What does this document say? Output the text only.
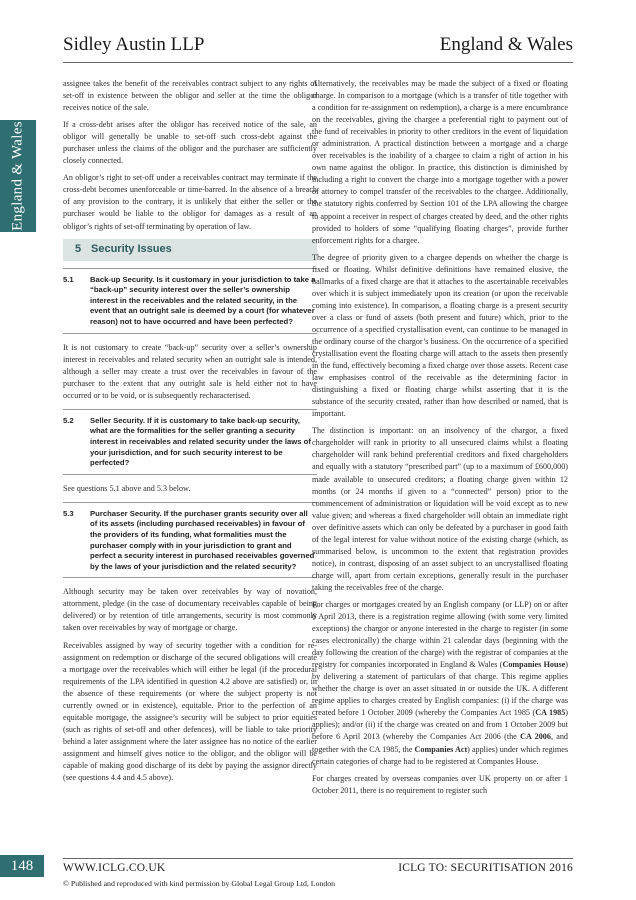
Sidley Austin LLP	England & Wales
England & Wales

assignee takes the benefit of the receivables contract subject to any rights of set-off in existence between the obligor and seller at the time the obligor receives notice of the sale.

If a cross-debt arises after the obligor has received notice of the sale, an obligor will generally be unable to set-off such cross-debt against the purchaser unless the claims of the obligor and the purchaser are sufficiently closely connected.

An obligor’s right to set-off under a receivables contract may terminate if the cross-debt becomes unenforceable or time-barred. In the absence of a breach of any provision to the contrary, it is unlikely that either the seller or the purchaser would be liable to the obligor for damages as a result of an obligor’s rights of set-off terminating by operation of law.

5 Security Issues
5.1	Back-up Security. Is it customary in your jurisdiction to take a “back-up” security interest over the seller’s ownership interest in the receivables and the related security, in the event that an outright sale is deemed by a court (for whatever reason) not to have occurred and have been perfected?

It is not customary to create “back-up” security over a seller’s ownership interest in receivables and related security when an outright sale is intended, although a seller may create a trust over the receivables in favour of the purchaser to the extent that any outright sale is held either not to have occurred or to be void, or is subsequently recharacterised.

5.2	Seller Security. If it is customary to take back-up security, what are the formalities for the seller granting a security interest in receivables and related security under the laws of your jurisdiction, and for such security interest to be perfected?

See questions 5.1 above and 5.3 below.

5.3	Purchaser Security. If the purchaser grants security over all of its assets (including purchased receivables) in favour of the providers of its funding, what formalities must the purchaser comply with in your jurisdiction to grant and perfect a security interest in purchased receivables governed by the laws of your jurisdiction and the related security?

Although security may be taken over receivables by way of novation, attornment, pledge (in the case of documentary receivables capable of being delivered) or by retention of title arrangements, security is most commonly taken over receivables by way of mortgage or charge.

Receivables assigned by way of security together with a condition for re-assignment on redemption or discharge of the secured obligations will create a mortgage over the receivables which will either be legal (if the procedural requirements of the LPA identified in question 4.2 above are satisfied) or, in the absence of these requirements (or where the subject property is not currently owned or in existence), equitable. Prior to the perfection of an equitable mortgage, the assignee’s security will be subject to prior equities (such as rights of set-off and other defences), will be liable to take priority behind a later assignment where the later assignee has no notice of the earlier assignment and himself gives notice to the obligor, and the obligor will be capable of making good discharge of its debt by paying the assignor directly (see questions 4.4 and 4.5 above).

Alternatively, the receivables may be made the subject of a fixed or floating charge. In comparison to a mortgage (which is a transfer of title together with a condition for re-assignment on redemption), a charge is a mere encumbrance on the receivables, giving the chargee a preferential right to payment out of the fund of receivables in priority to other creditors in the event of liquidation or administration. A practical distinction between a mortgage and a charge over receivables is the inability of a chargee to claim a right of action in his own name against the obligor. In practice, this distinction is diminished by including a right to convert the charge into a mortgage together with a power of attorney to compel transfer of the receivables to the chargee. Additionally, the statutory rights conferred by Section 101 of the LPA allowing the chargee to appoint a receiver in respect of charges created by deed, and the other rights provided to holders of some “qualifying floating charges”, provide further enforcement rights for a chargee.

The degree of priority given to a chargee depends on whether the charge is fixed or floating. Whilst definitive definitions have remained elusive, the hallmarks of a fixed charge are that it attaches to the ascertainable receivables over which it is subject immediately upon its creation (or upon the receivable coming into existence). In comparison, a floating charge is a present security over a class or fund of assets (both present and future) which, prior to the occurrence of a specified crystallisation event, can continue to be managed in the ordinary course of the chargor’s business. On the occurrence of a specified crystallisation event the floating charge will attach to the assets then presently in the fund, effectively becoming a fixed charge over those assets. Recent case law emphasises control of the receivable as the determining factor in distinguishing a fixed or floating charge whilst asserting that it is the substance of the security created, rather than how described or named, that is important.

The distinction is important: on an insolvency of the chargor, a fixed chargeholder will rank in priority to all unsecured claims whilst a floating chargeholder will rank behind preferential creditors and fixed chargeholders and equally with a statutory “prescribed part” (up to a maximum of £600,000) made available to unsecured creditors; a floating charge given within 12 months (or 24 months if given to a “connected” person) prior to the commencement of administration or liquidation will be void except as to new value given; and whereas a fixed chargeholder will obtain an immediate right over definitive assets which can only be defeated by a purchaser in good faith of the legal interest for value without notice of the existing charge (which, as summarised below, is uncommon to the extent that registration provides notice), in contrast, disposing of an asset subject to an uncrystallised floating charge will, apart from certain exceptions, generally result in the purchaser taking the receivables free of the charge.

For charges or mortgages created by an English company (or LLP) on or after 6 April 2013, there is a registration regime allowing (with some very limited exceptions) the chargor or anyone interested in the charge to register (in some cases electronically) the charge within 21 calendar days (beginning with the day following the creation of the charge) with the registrar of companies at the registry for companies incorporated in England & Wales (Companies House) by delivering a statement of particulars of that charge. This regime applies whether the charge is over an asset situated in or outside the UK. A different regime applies to charges created by English companies: (i) if the charge was created before 1 October 2009 (whereby the Companies Act 1985 (CA 1985) applies); and/or (ii) if the charge was created on and from 1 October 2009 but before 6 April 2013 (whereby the Companies Act 2006 (the CA 2006, and together with the CA 1985, the Companies Act) applies) under which regimes certain categories of charge had to be registered at Companies House.

For charges created by overseas companies over UK property on or after 1 October 2011, there is no requirement to register such

148	WWW.ICLG.CO.UK	ICLG TO: SECURITISATION 2016
© Published and reproduced with kind permission by Global Legal Group Ltd, London
